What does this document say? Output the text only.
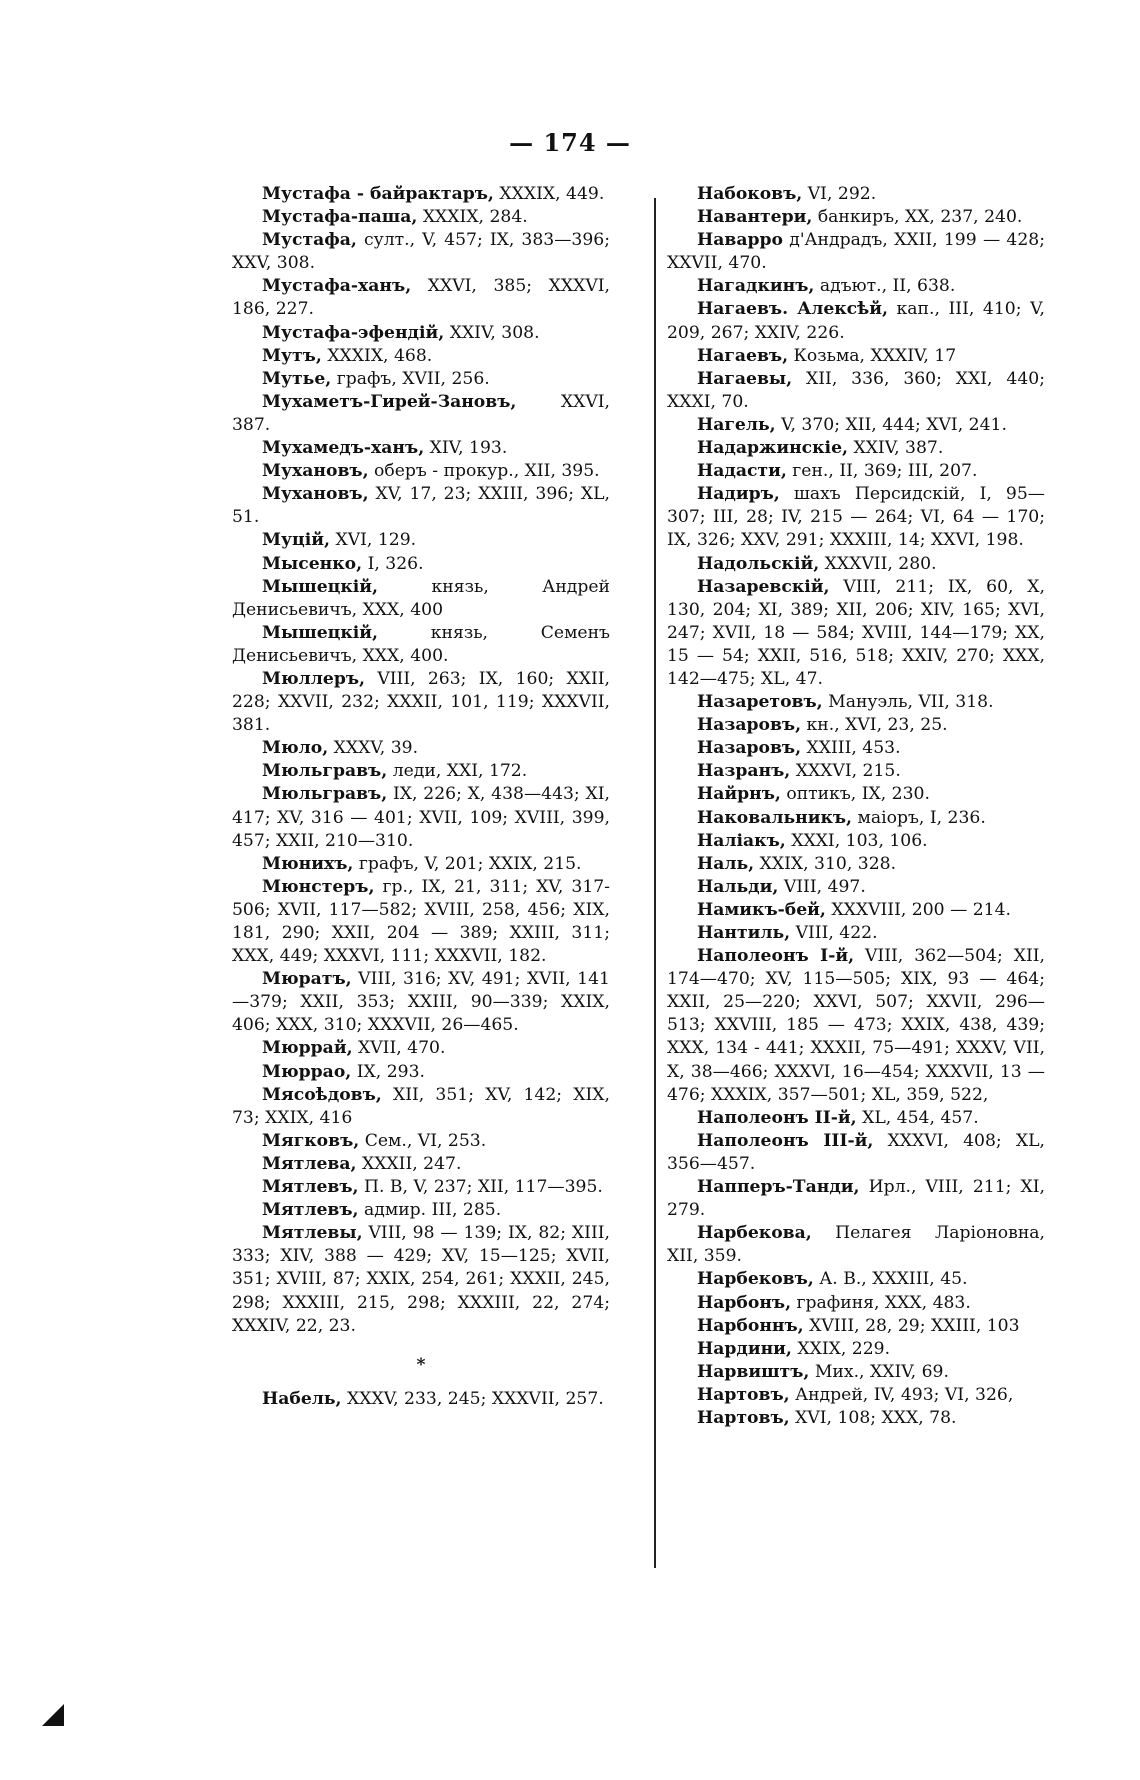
— 174 —

Мустафа - байрактаръ, XXXIX, 449.

Мустафа-паша, XXXIX, 284.

Мустафа, султ., V, 457; IX, 383—396; XXV, 308.

Мустафа-ханъ, XXVI, 385; XXXVI, 186, 227.

Мустафа-эфендій, XXIV, 308.

Мутъ, XXXIX, 468.

Мутье, графъ, XVII, 256.

Мухаметъ-Гирей-Зановъ, XXVI, 387.

Мухамедъ-ханъ, XIV, 193.

Мухановъ, оберъ - прокур., XII, 395.

Мухановъ, XV, 17, 23; XXIII, 396; XL, 51.

Муцій, XVI, 129.

Мысенко, I, 326.

Мышецкій, князь, Андрей Денисьевичъ, XXX, 400

Мышецкій, князь, Семенъ Денисьевичъ, XXX, 400.

Мюллеръ, VIII, 263; IX, 160; XXII, 228; XXVII, 232; XXXII, 101, 119; XXXVII, 381.

Мюло, XXXV, 39.

Мюльгравъ, леди, XXI, 172.

Мюльгравъ, IX, 226; X, 438—443; XI, 417; XV, 316 — 401; XVII, 109; XVIII, 399, 457; XXII, 210—310.

Мюнихъ, графъ, V, 201; XXIX, 215.

Мюнстеръ, гр., IX, 21, 311; XV, 317-506; XVII, 117—582; XVIII, 258, 456; XIX, 181, 290; XXII, 204 — 389; XXIII, 311; XXX, 449; XXXVI, 111; XXXVII, 182.

Мюратъ, VIII, 316; XV, 491; XVII, 141—379; XXII, 353; XXIII, 90—339; XXIX, 406; XXX, 310; XXXVII, 26—465.

Мюррай, XVII, 470.

Мюррао, IX, 293.

Мясоѣдовъ, XII, 351; XV, 142; XIX, 73; XXIX, 416

Мягковъ, Сем., VI, 253.

Мятлева, XXXII, 247.

Мятлевъ, П. В, V, 237; XII, 117—395.

Мятлевъ, адмир. III, 285.

Мятлевы, VIII, 98 — 139; IX, 82; XIII, 333; XIV, 388 — 429; XV, 15—125; XVII, 351; XVIII, 87; XXIX, 254, 261; XXXII, 245, 298; XXXIII, 215, 298; XXXIII, 22, 274; XXXIV, 22, 23.

*

Набель, XXXV, 233, 245; XXXVII, 257.

Набоковъ, VI, 292.

Навантери, банкиръ, XX, 237, 240.

Наварро д'Андрадъ, XXII, 199 — 428; XXVII, 470.

Нагадкинъ, адъют., II, 638.

Нагаевъ. Алексѣй, кап., III, 410; V, 209, 267; XXIV, 226.

Нагаевъ, Козьма, XXXIV, 17

Нагаевы, XII, 336, 360; XXI, 440; XXXI, 70.

Нагель, V, 370; XII, 444; XVI, 241.

Надаржинскіе, XXIV, 387.

Надасти, ген., II, 369; III, 207.

Надиръ, шахъ Персидскій, I, 95—307; III, 28; IV, 215 — 264; VI, 64 — 170; IX, 326; XXV, 291; XXXIII, 14; XXVI, 198.

Надольскій, XXXVII, 280.

Назаревскій, VIII, 211; IX, 60, X, 130, 204; XI, 389; XII, 206; XIV, 165; XVI, 247; XVII, 18 — 584; XVIII, 144—179; XX, 15 — 54; XXII, 516, 518; XXIV, 270; XXX, 142—475; XL, 47.

Назаретовъ, Мануэль, VII, 318.

Назаровъ, кн., XVI, 23, 25.

Назаровъ, XXIII, 453.

Назранъ, XXXVI, 215.

Найрнъ, оптикъ, IX, 230.

Наковальникъ, маіоръ, I, 236.

Наліакъ, XXXI, 103, 106.

Наль, XXIX, 310, 328.

Нальди, VIII, 497.

Намикъ-бей, XXXVIII, 200 — 214.

Нантиль, VIII, 422.

Наполеонъ I-й, VIII, 362—504; XII, 174—470; XV, 115—505; XIX, 93 — 464; XXII, 25—220; XXVI, 507; XXVII, 296—513; XXVIII, 185 — 473; XXIX, 438, 439; XXX, 134 - 441; XXXII, 75—491; XXXV, VII, X, 38—466; XXXVI, 16—454; XXXVII, 13 — 476; XXXIX, 357—501; XL, 359, 522,

Наполеонъ II-й, XL, 454, 457.

Наполеонъ III-й, XXXVI, 408; XL, 356—457.

Напперъ-Танди, Ирл., VIII, 211; XI, 279.

Нарбекова, Пелагея Ларіоновна, XII, 359.

Нарбековъ, А. В., XXXIII, 45.

Нарбонъ, графиня, XXX, 483.

Нарбоннъ, XVIII, 28, 29; XXIII, 103

Нардини, XXIX, 229.

Нарвиштъ, Мих., XXIV, 69.

Нартовъ, Андрей, IV, 493; VI, 326,

Нартовъ, XVI, 108; XXX, 78.
